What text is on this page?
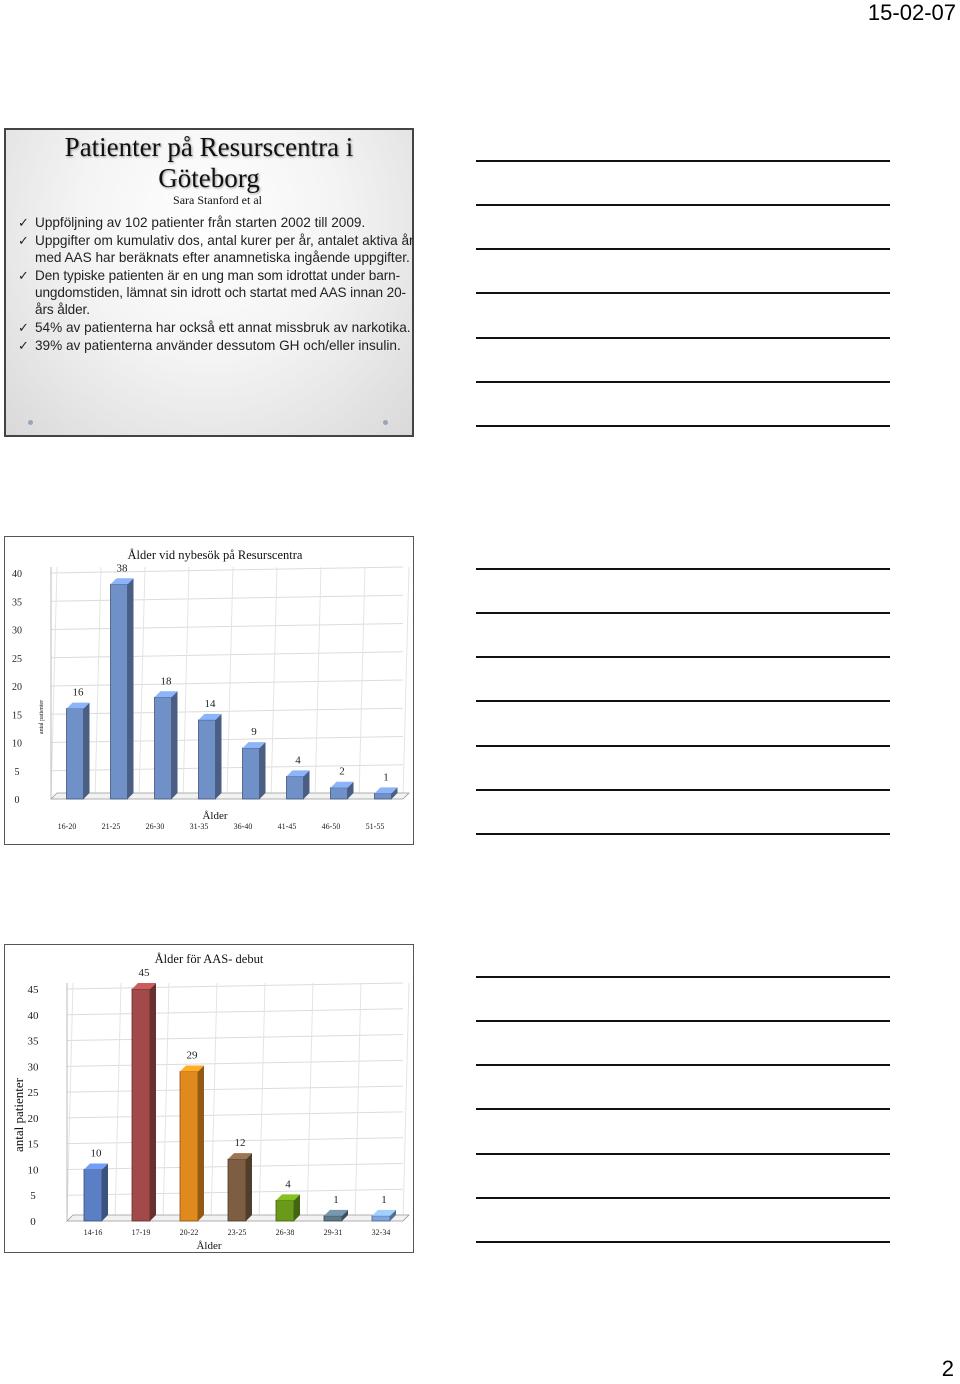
15-02-07
Patienter på Resurscentra i
Göteborg
Sara Stanford et al
✓ Uppföljning av 102 patienter från starten 2002 till 2009.
✓ Uppgifter om kumulativ dos, antal kurer per år, antalet aktiva år med AAS har beräknats efter anamnetiska ingående uppgifter.
✓ Den typiske patienten är en ung man som idrottat under barn- ungdomstiden, lämnat sin idrott och startat med AAS innan 20-års ålder.
✓ 54% av patienterna har också ett annat missbruk av narkotika.
✓ 39% av patienterna använder dessutom GH och/eller insulin.
0
5
10
15
20
25
30
35
40
16
38
18
14
9
4
2	1
16-20	21-25	26-30	31-35	36-40	41-45	46-50	51-55
Ålder vid nybesök på Resurscentra
Ålder
antal patienter
0
5
10
15
20
25
30
35
40
45
10
45
29
12
4
1	1
14-16	17-19	20-22	23-25	26-38	29-31	32-34
Ålder för AAS- debut
Ålder
antal patienter
2
